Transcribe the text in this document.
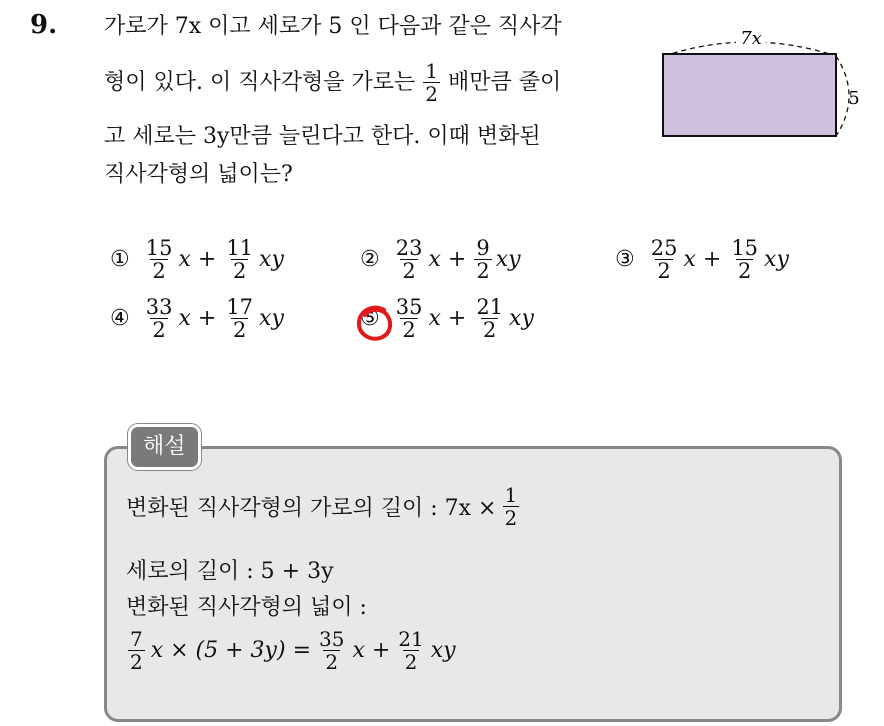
9. 가로가 7x 이고 세로가 5 인 다음과 같은 직사각
형이 있다. 이 직사각형을 가로는 $\frac{1}{2}$ 배만큼 줄이
고 세로는 3y만큼 늘린다고 한다. 이때 변화된
직사각형의 넓이는?
7x
5
① $\frac{15}{2}$ $x + \frac{11}{2}$ xy	② $\frac{23}{2}$ $x + \frac{9}{2}$ xy	③ $\frac{25}{2}$ $x + \frac{15}{2}$ xy
④ $\frac{33}{2}$ $x + \frac{17}{2}$ xy	⑤ $\frac{35}{2}$ $x + \frac{21}{2}$ xy
해설
변화된 직사각형의 가로의 길이 : $7x \times \frac{1}{2}$
세로의 길이 : 5 + 3y
변화된 직사각형의 넓이 :
$\frac{7}{2}$ $x \times (5 + 3y) = \frac{35}{2}$ $x + \frac{21}{2}$ xy
